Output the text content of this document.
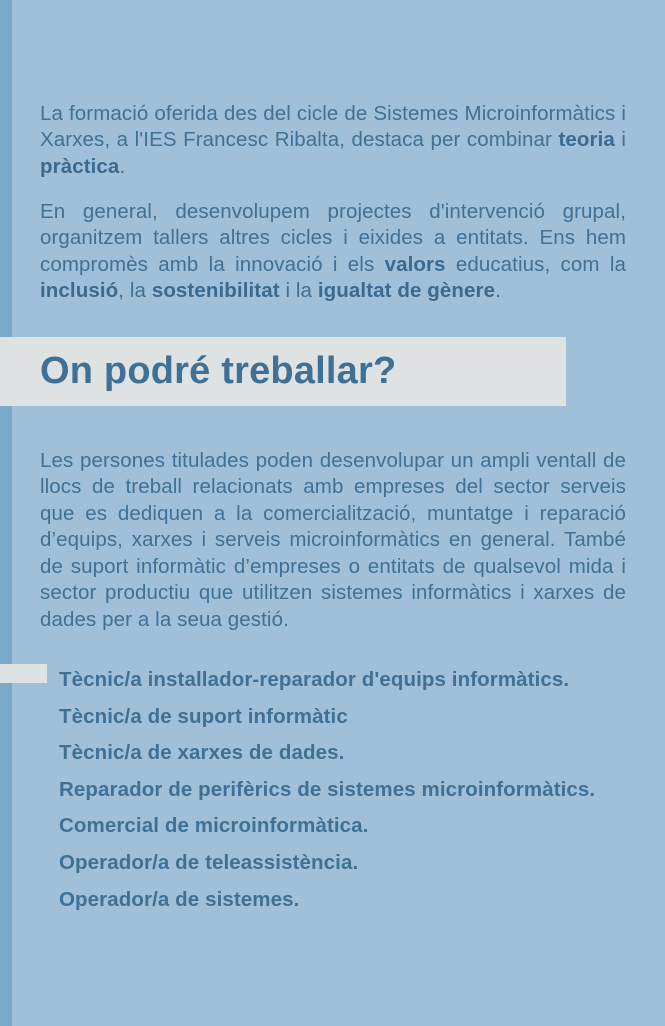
La formació oferida des del cicle de Sistemes Microinformàtics i Xarxes, a l'IES Francesc Ribalta, destaca per combinar teoria i pràctica.

En general, desenvolupem projectes d'intervenció grupal, organitzem tallers altres cicles i eixides a entitats. Ens hem compromès amb la innovació i els valors educatius, com la inclusió, la sostenibilitat i la igualtat de gènere.

On podré treballar?

Les persones titulades poden desenvolupar un ampli ventall de llocs de treball relacionats amb empreses del sector serveis que es dediquen a la comercialització, muntatge i reparació d’equips, xarxes i serveis microinformàtics en general. També de suport informàtic d’empreses o entitats de qualsevol mida i sector productiu que utilitzen sistemes informàtics i xarxes de dades per a la seua gestió.

Tècnic/a installador-reparador d'equips informàtics.
Tècnic/a de suport informàtic
Tècnic/a de xarxes de dades.
Reparador de perifèrics de sistemes microinformàtics.
Comercial de microinformàtica.
Operador/a de teleassistència.
Operador/a de sistemes.
